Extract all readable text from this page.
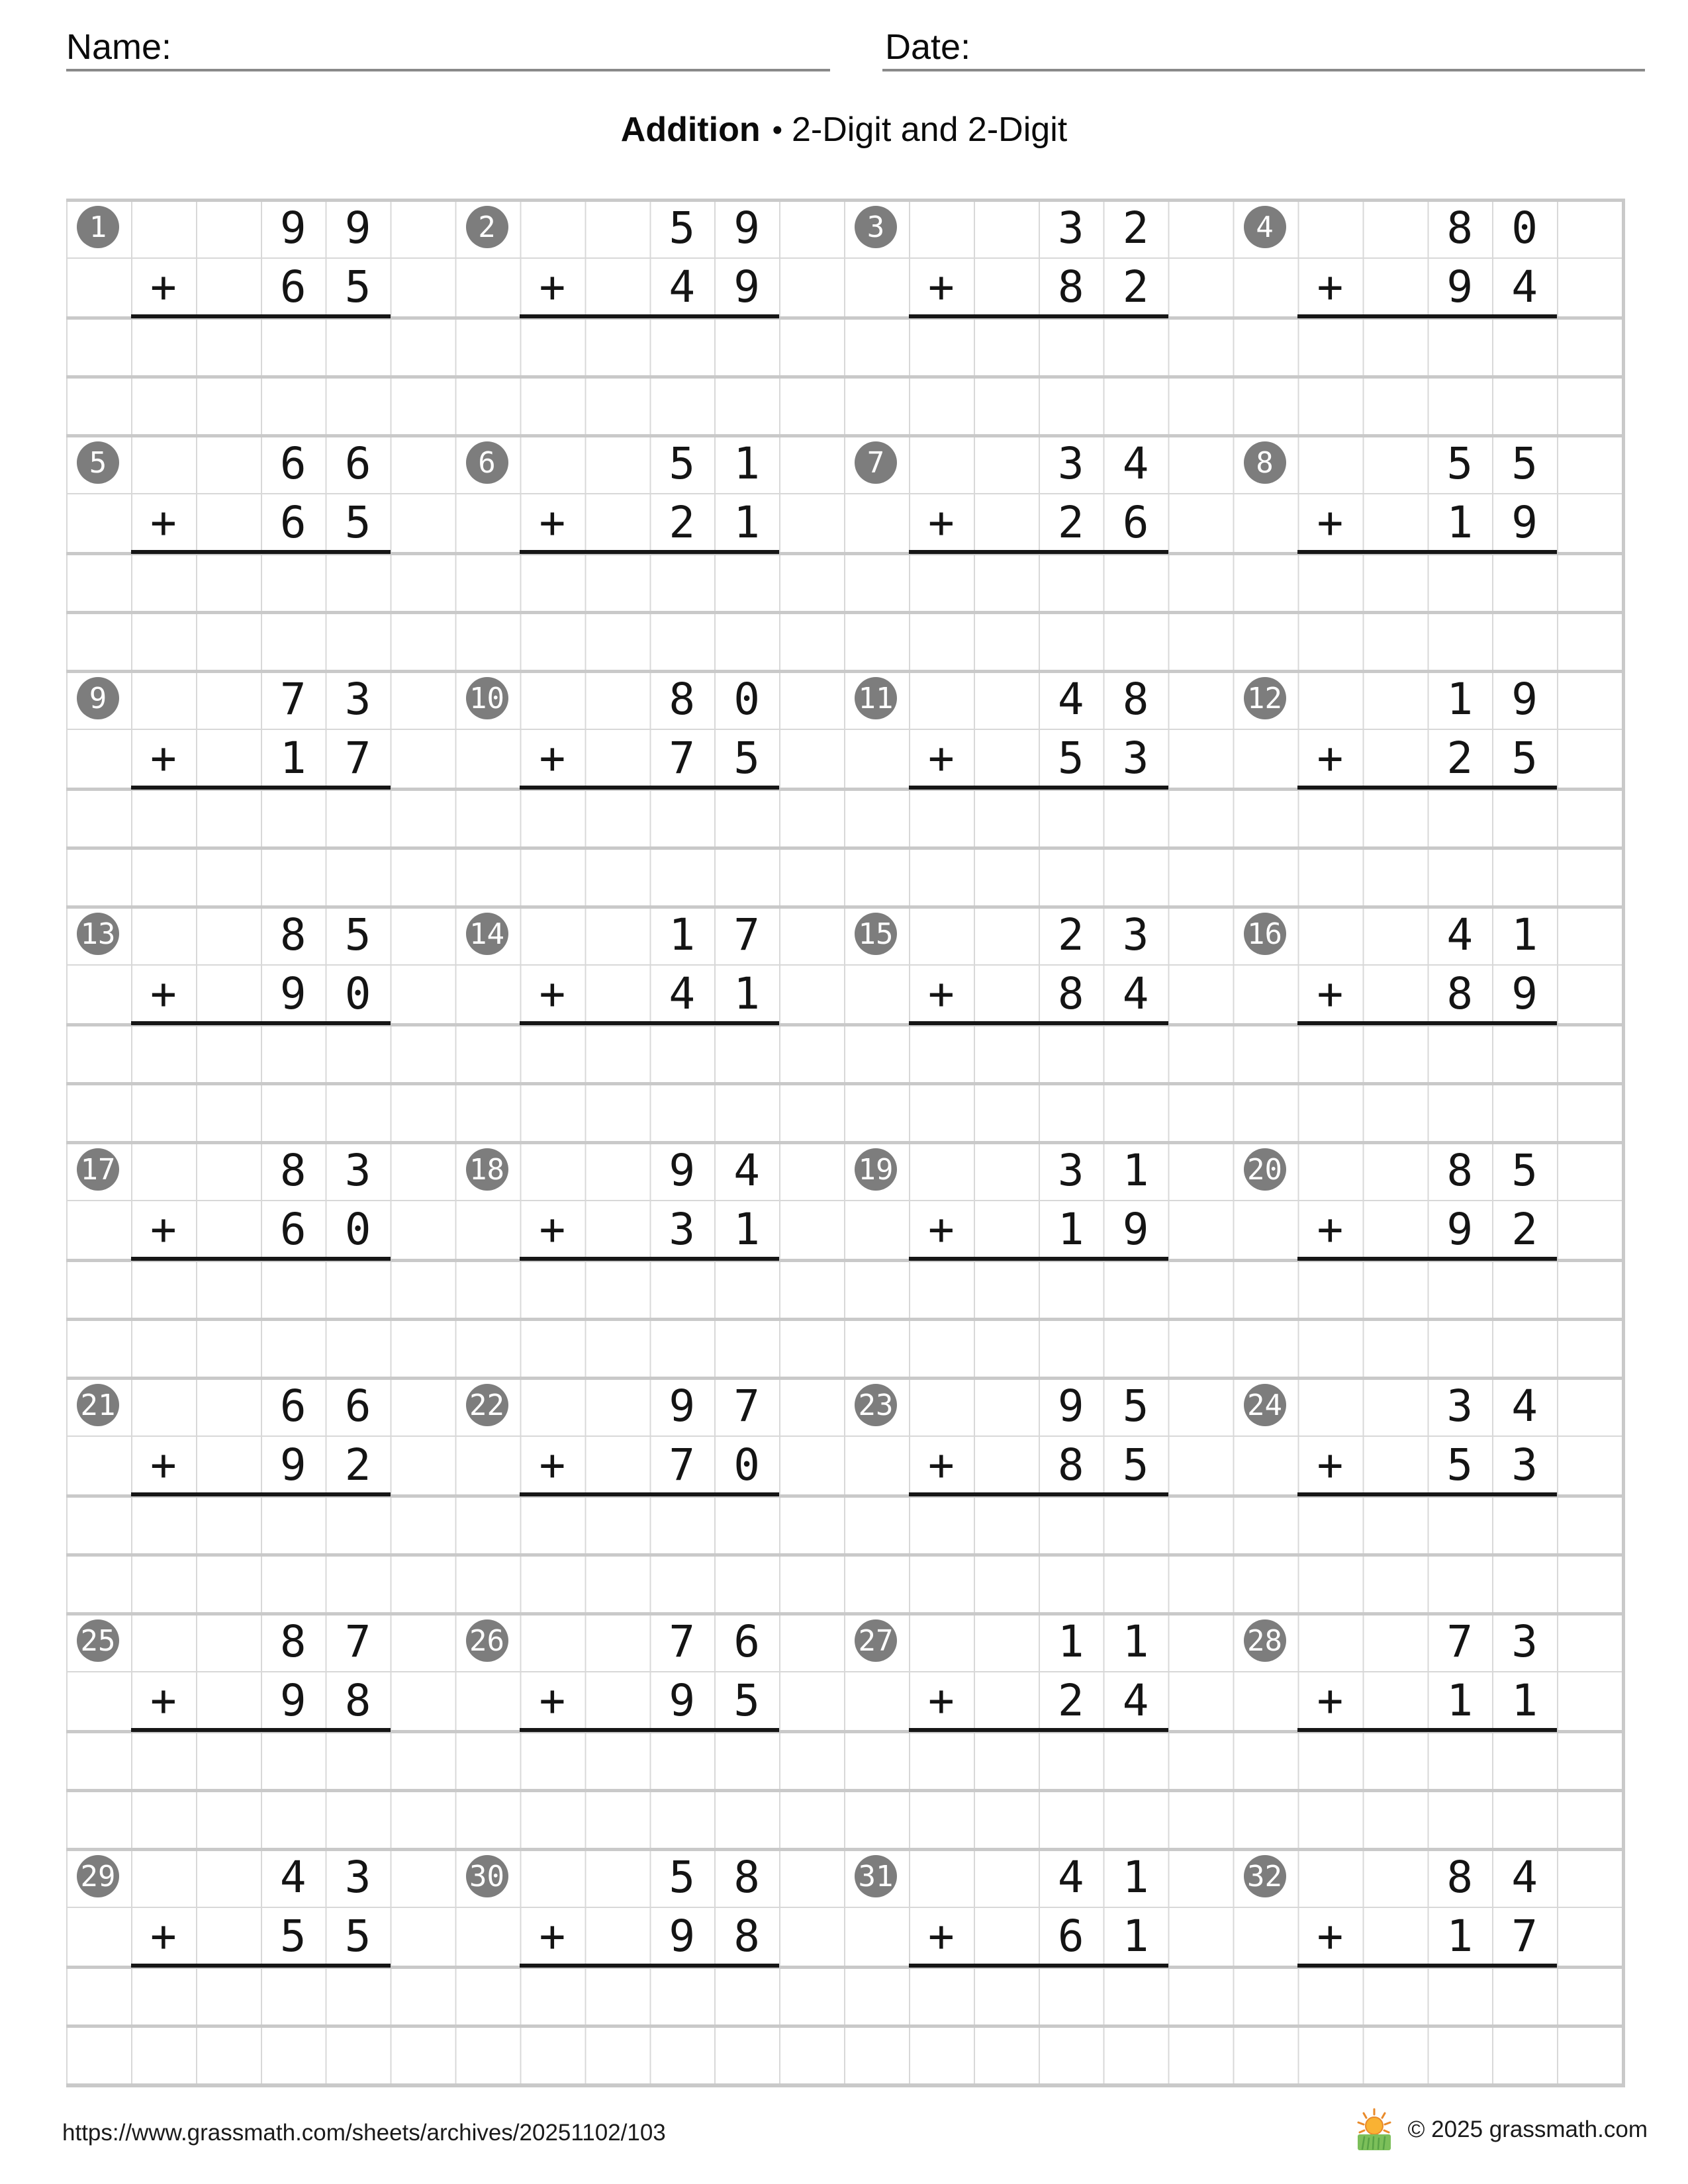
Name:	Date:
Addition • 2-Digit and 2-Digit
1	9 9
+	6 5
2	5 9
+	4 9
3	3 2
+	8 2
4	8 0
+	9 4
5	6 6
+	6 5
6	5 1
+	2 1
7	3 4
+	2 6
8	5 5
+	1 9
9	7 3
+	1 7
10	8 0
+	7 5
11	4 8
+	5 3
12	1 9
+	2 5
13	8 5
+	9 0
14	1 7
+	4 1
15	2 3
+	8 4
16	4 1
+	8 9
17	8 3
+	6 0
18	9 4
+	3 1
19	3 1
+	1 9
20	8 5
+	9 2
21	6 6
+	9 2
22	9 7
+	7 0
23	9 5
+	8 5
24	3 4
+	5 3
25	8 7
+	9 8
26	7 6
+	9 5
27	1 1
+	2 4
28	7 3
+	1 1
29	4 3
+	5 5
30	5 8
+	9 8
31	4 1
+	6 1
32	8 4
+	1 7
https://www.grassmath.com/sheets/archives/20251102/103	© 2025 grassmath.com
